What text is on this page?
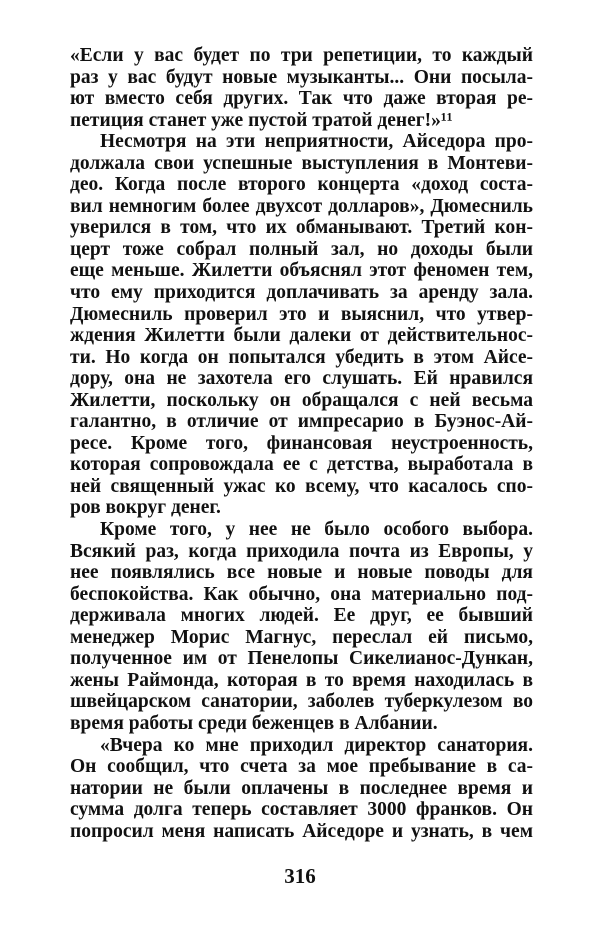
«Если у вас будет по три репетиции, то каждый
раз у вас будут новые музыканты... Они посыла-
ют вместо себя других. Так что даже вторая ре-
петиция станет уже пустой тратой денег!»¹¹
Несмотря на эти неприятности, Айседора про-
должала свои успешные выступления в Монтеви-
део. Когда после второго концерта «доход соста-
вил немногим более двухсот долларов», Дюмесниль
уверился в том, что их обманывают. Третий кон-
церт тоже собрал полный зал, но доходы были
еще меньше. Жилетти объяснял этот феномен тем,
что ему приходится доплачивать за аренду зала.
Дюмесниль проверил это и выяснил, что утвер-
ждения Жилетти были далеки от действительнос-
ти. Но когда он попытался убедить в этом Айсе-
дору, она не захотела его слушать. Ей нравился
Жилетти, поскольку он обращался с ней весьма
галантно, в отличие от импресарио в Буэнос-Ай-
ресе. Кроме того, финансовая неустроенность,
которая сопровождала ее с детства, выработала в
ней священный ужас ко всему, что касалось спо-
ров вокруг денег.
Кроме того, у нее не было особого выбора.
Всякий раз, когда приходила почта из Европы, у
нее появлялись все новые и новые поводы для
беспокойства. Как обычно, она материально под-
держивала многих людей. Ее друг, ее бывший
менеджер Морис Магнус, переслал ей письмо,
полученное им от Пенелопы Сикелианос-Дункан,
жены Раймонда, которая в то время находилась в
швейцарском санатории, заболев туберкулезом во
время работы среди беженцев в Албании.
«Вчера ко мне приходил директор санатория.
Он сообщил, что счета за мое пребывание в са-
натории не были оплачены в последнее время и
сумма долга теперь составляет 3000 франков. Он
попросил меня написать Айседоре и узнать, в чем
316
